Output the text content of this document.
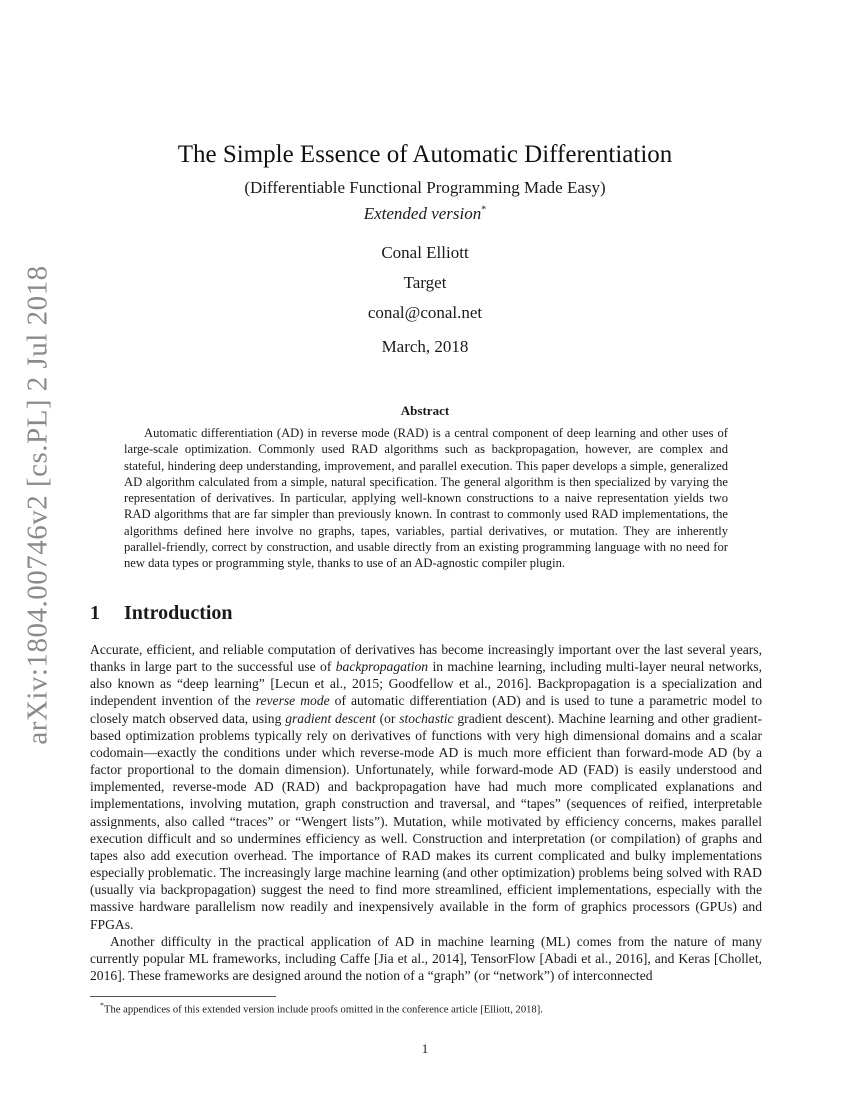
arXiv:1804.00746v2 [cs.PL] 2 Jul 2018
The Simple Essence of Automatic Differentiation
(Differentiable Functional Programming Made Easy)
Extended version*
Conal Elliott
Target
conal@conal.net
March, 2018
Abstract
Automatic differentiation (AD) in reverse mode (RAD) is a central component of deep learning and other uses of large-scale optimization. Commonly used RAD algorithms such as backpropagation, however, are complex and stateful, hindering deep understanding, improvement, and parallel execution. This paper develops a simple, generalized AD algorithm calculated from a simple, natural specification. The general algorithm is then specialized by varying the representation of derivatives. In particular, applying well-known constructions to a naive representation yields two RAD algorithms that are far simpler than previously known. In contrast to commonly used RAD implementations, the algorithms defined here involve no graphs, tapes, variables, partial derivatives, or mutation. They are inherently parallel-friendly, correct by construction, and usable directly from an existing programming language with no need for new data types or programming style, thanks to use of an AD-agnostic compiler plugin.
1 Introduction

Accurate, efficient, and reliable computation of derivatives has become increasingly important over the last several years, thanks in large part to the successful use of backpropagation in machine learning, including multi-layer neural networks, also known as “deep learning” [Lecun et al., 2015; Goodfellow et al., 2016]. Backpropagation is a specialization and independent invention of the reverse mode of automatic differentiation (AD) and is used to tune a parametric model to closely match observed data, using gradient descent (or stochastic gradient descent). Machine learning and other gradient-based optimization problems typically rely on derivatives of functions with very high dimensional domains and a scalar codomain—exactly the conditions under which reverse-mode AD is much more efficient than forward-mode AD (by a factor proportional to the domain dimension). Unfortunately, while forward-mode AD (FAD) is easily understood and implemented, reverse-mode AD (RAD) and backpropagation have had much more complicated explanations and implementations, involving mutation, graph construction and traversal, and “tapes” (sequences of reified, interpretable assignments, also called “traces” or “Wengert lists”). Mutation, while motivated by efficiency concerns, makes parallel execution difficult and so undermines efficiency as well. Construction and interpretation (or compilation) of graphs and tapes also add execution overhead. The importance of RAD makes its current complicated and bulky implementations especially problematic. The increasingly large machine learning (and other optimization) problems being solved with RAD (usually via backpropagation) suggest the need to find more streamlined, efficient implementations, especially with the massive hardware parallelism now readily and inexpensively available in the form of graphics processors (GPUs) and FPGAs.

Another difficulty in the practical application of AD in machine learning (ML) comes from the nature of many currently popular ML frameworks, including Caffe [Jia et al., 2014], TensorFlow [Abadi et al., 2016], and Keras [Chollet, 2016]. These frameworks are designed around the notion of a “graph” (or “network”) of interconnected

*The appendices of this extended version include proofs omitted in the conference article [Elliott, 2018].
1
